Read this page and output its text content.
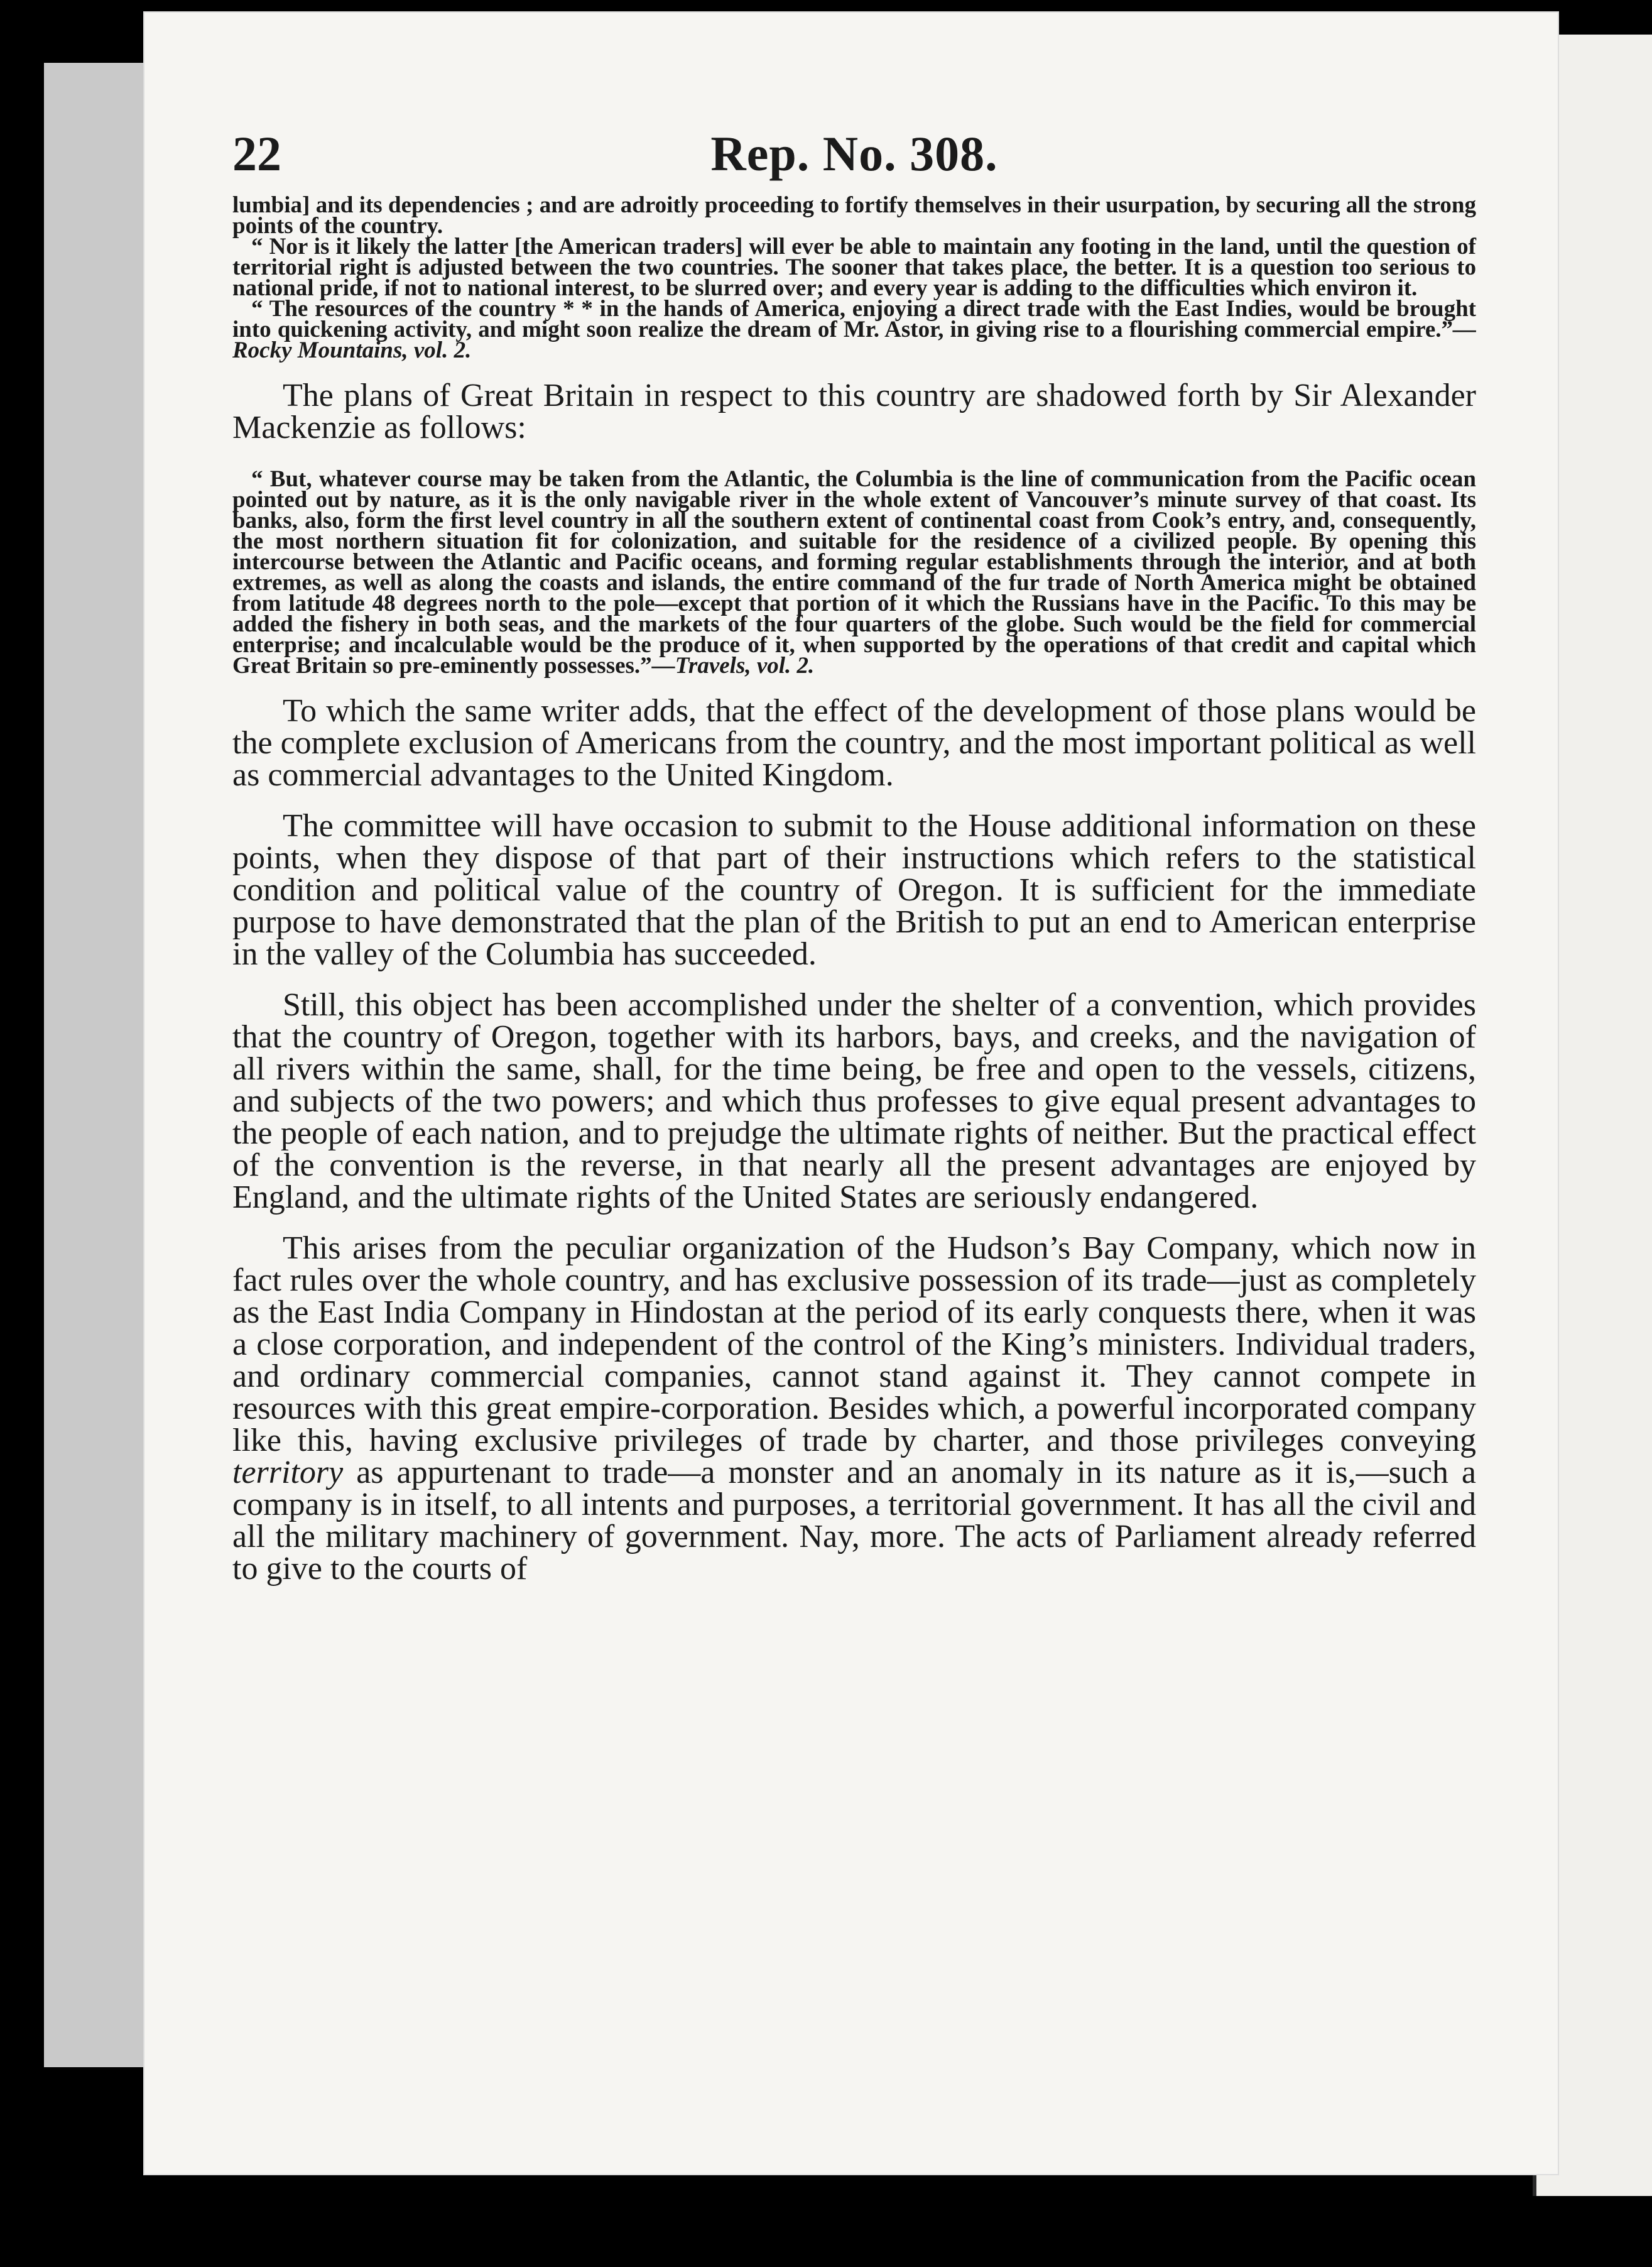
22	Rep. No. 308.

lumbia] and its dependencies ; and are adroitly proceeding to fortify themselves in their usurpation, by securing all the strong points of the country.

“ Nor is it likely the latter [the American traders] will ever be able to maintain any footing in the land, until the question of territorial right is adjusted between the two countries. The sooner that takes place, the better. It is a question too serious to national pride, if not to national interest, to be slurred over; and every year is adding to the difficulties which environ it.

“ The resources of the country * * in the hands of America, enjoying a direct trade with the East Indies, would be brought into quickening activity, and might soon realize the dream of Mr. Astor, in giving rise to a flourishing commercial empire.”—Rocky Mountains, vol. 2.

The plans of Great Britain in respect to this country are shadowed forth by Sir Alexander Mackenzie as follows:

“ But, whatever course may be taken from the Atlantic, the Columbia is the line of communication from the Pacific ocean pointed out by nature, as it is the only navigable river in the whole extent of Vancouver’s minute survey of that coast. Its banks, also, form the first level country in all the southern extent of continental coast from Cook’s entry, and, consequently, the most northern situation fit for colonization, and suitable for the residence of a civilized people. By opening this intercourse between the Atlantic and Pacific oceans, and forming regular establishments through the interior, and at both extremes, as well as along the coasts and islands, the entire command of the fur trade of North America might be obtained from latitude 48 degrees north to the pole—except that portion of it which the Russians have in the Pacific. To this may be added the fishery in both seas, and the markets of the four quarters of the globe. Such would be the field for commercial enterprise; and incalculable would be the produce of it, when supported by the operations of that credit and capital which Great Britain so pre-eminently possesses.”—Travels, vol. 2.

To which the same writer adds, that the effect of the development of those plans would be the complete exclusion of Americans from the country, and the most important political as well as commercial advantages to the United Kingdom.

The committee will have occasion to submit to the House additional information on these points, when they dispose of that part of their instructions which refers to the statistical condition and political value of the country of Oregon. It is sufficient for the immediate purpose to have demonstrated that the plan of the British to put an end to American enterprise in the valley of the Columbia has succeeded.

Still, this object has been accomplished under the shelter of a convention, which provides that the country of Oregon, together with its harbors, bays, and creeks, and the navigation of all rivers within the same, shall, for the time being, be free and open to the vessels, citizens, and subjects of the two powers; and which thus professes to give equal present advantages to the people of each nation, and to prejudge the ultimate rights of neither. But the practical effect of the convention is the reverse, in that nearly all the present advantages are enjoyed by England, and the ultimate rights of the United States are seriously endangered.

This arises from the peculiar organization of the Hudson’s Bay Company, which now in fact rules over the whole country, and has exclusive possession of its trade—just as completely as the East India Company in Hindostan at the period of its early conquests there, when it was a close corporation, and independent of the control of the King’s ministers. Individual traders, and ordinary commercial companies, cannot stand against it. They cannot compete in resources with this great empire-corporation. Besides which, a powerful incorporated company like this, having exclusive privileges of trade by charter, and those privileges conveying territory as appurtenant to trade—a monster and an anomaly in its nature as it is,—such a company is in itself, to all intents and purposes, a territorial government. It has all the civil and all the military machinery of government. Nay, more. The acts of Parliament already referred to give to the courts of
